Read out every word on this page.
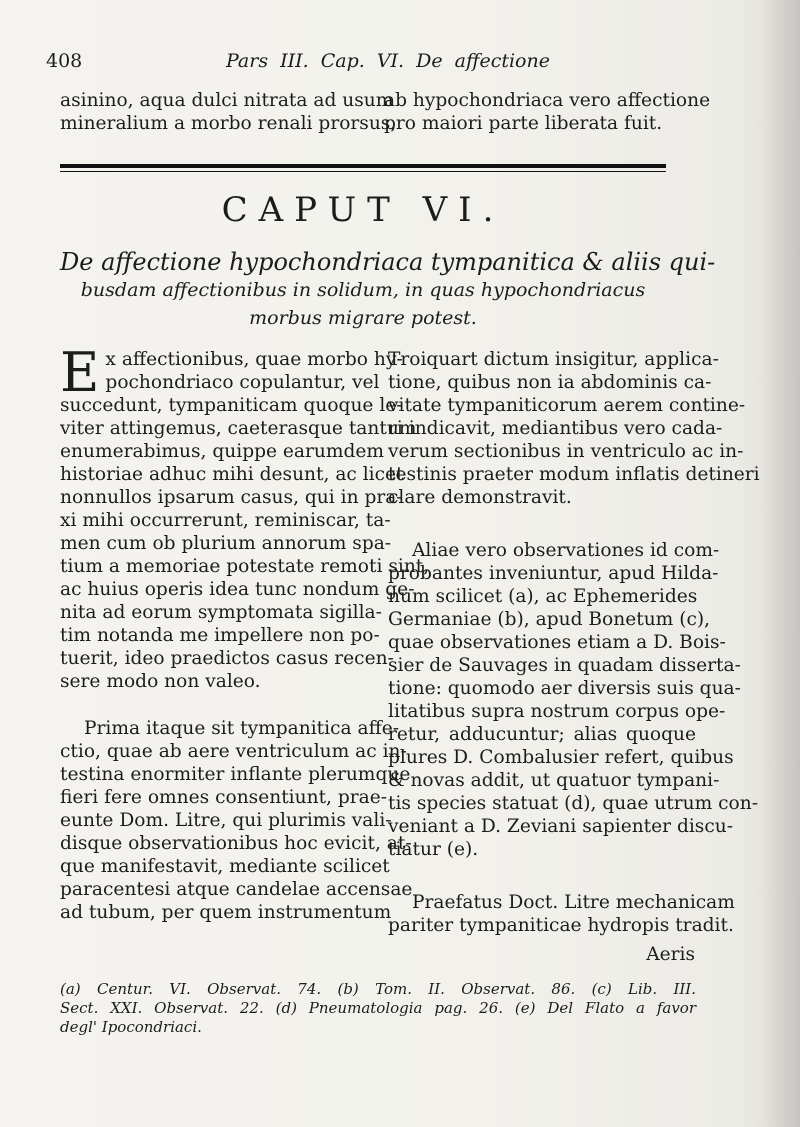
408	Pars III. Cap. VI. De affectione
asinino, aqua dulci nitrata ad usum
mineralium a morbo renali prorsus,
ab hypochondriaca vero affectione
pro maiori parte liberata fuit.
CAPUT VI.
De affectione hypochondriaca tympanitica & aliis qui-
busdam affectionibus in solidum, in quas hypochondriacus
morbus migrare potest.

E x affectionibus, quae morbo hy-
pochondriaco copulantur, vel
succedunt, tympaniticam quoque le-
viter attingemus, caeterasque tantum
enumerabimus, quippe earumdem
historiae adhuc mihi desunt, ac licet
nonnullos ipsarum casus, qui in pra-
xi mihi occurrerunt, reminiscar, ta-
men cum ob plurium annorum spa-
tium a memoriae potestate remoti sint,
ac huius operis idea tunc nondum ge-
nita ad eorum symptomata sigilla-
tim notanda me impellere non po-
tuerit, ideo praedictos casus recen-
sere modo non valeo.

Prima itaque sit tympanitica affe-
ctio, quae ab aere ventriculum ac in-
testina enormiter inflante plerumque
fieri fere omnes consentiunt, prae-
eunte Dom. Litre, qui plurimis vali-
disque observationibus hoc evicit, at-
que manifestavit, mediante scilicet
paracentesi atque candelae accensae
ad tubum, per quem instrumentum

Troiquart dictum insigitur, applica-
tione, quibus non ia abdominis ca-
vitate tympaniticorum aerem contine-
ri indicavit, mediantibus vero cada-
verum sectionibus in ventriculo ac in-
testinis praeter modum inflatis detineri
clare demonstravit.

Aliae vero observationes id com-
probantes inveniuntur, apud Hilda-
num scilicet (a), ac Ephemerides
Germaniae (b), apud Bonetum (c),
quae observationes etiam a D. Bois-
sier de Sauvages in quadam disserta-
tione: quomodo aer diversis suis qua-
litatibus supra nostrum corpus ope-
retur, adducuntur; alias quoque
plures D. Combalusier refert, quibus
& novas addit, ut quatuor tympani-
tis species statuat (d), quae utrum con-
veniant a D. Zeviani sapienter discu-
tiatur (e).

Praefatus Doct. Litre mechanicam
pariter tympaniticae hydropis tradit.

Aeris
(a) Centur. VI. Observat. 74. (b) Tom. II. Observat. 86. (c) Lib. III.
Sect. XXI. Observat. 22. (d) Pneumatologia pag. 26. (e) Del Flato a favor
degl' Ipocondriaci.
